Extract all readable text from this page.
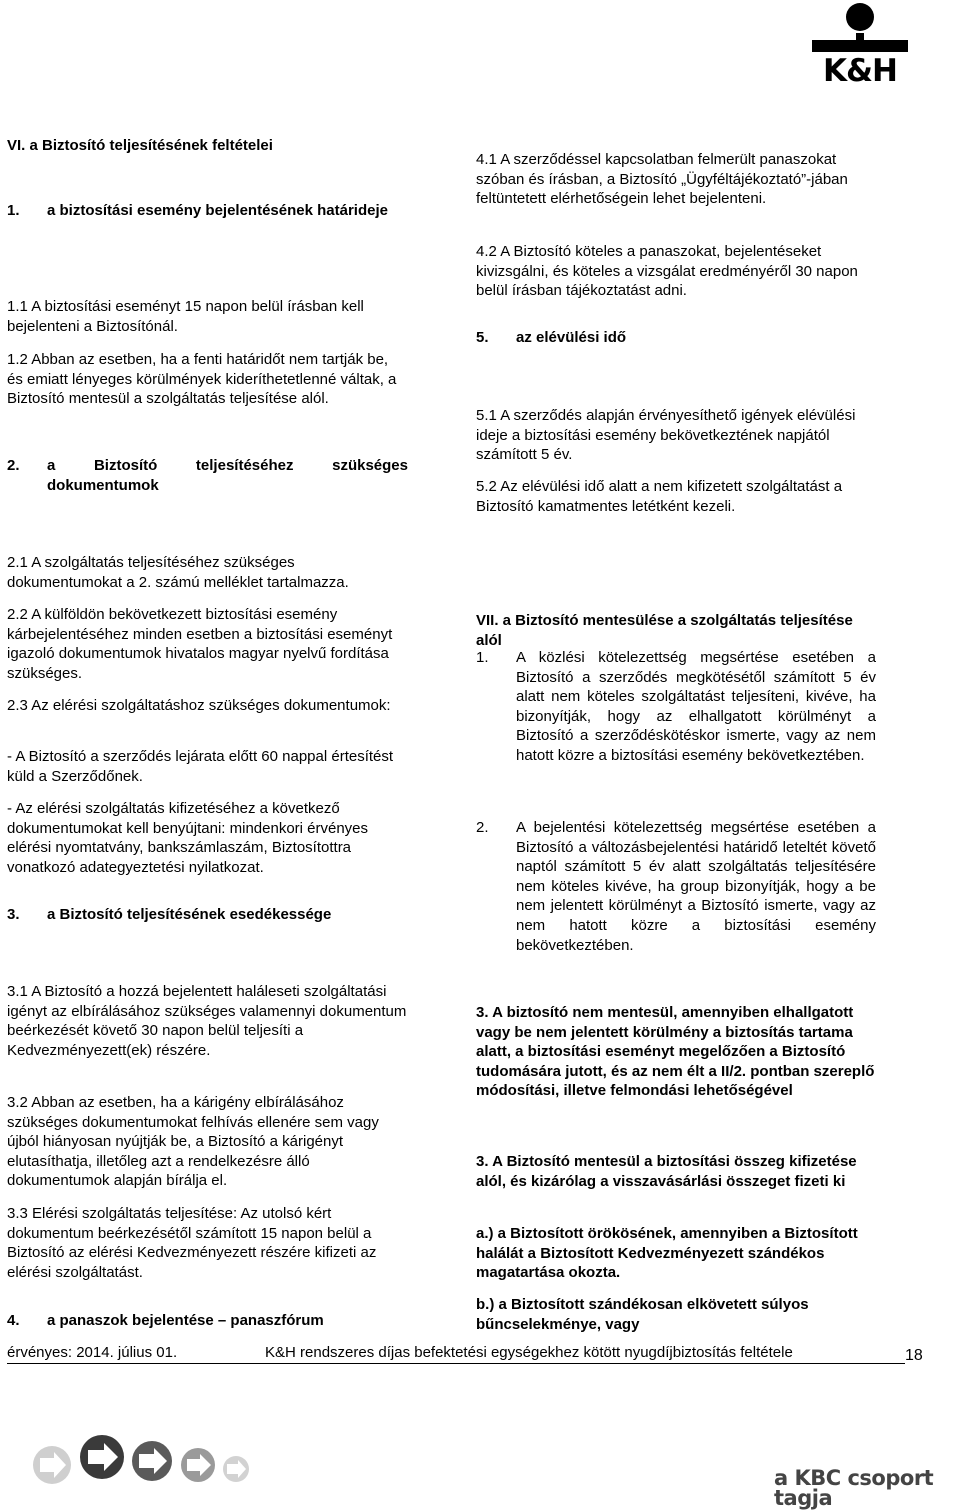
K&H
VI. a Biztosító teljesítésének feltételei
1.	a biztosítási esemény bejelentésének határideje

1.1 A biztosítási eseményt 15 napon belül írásban kell bejelenteni a Biztosítónál.

1.2 Abban az esetben, ha a fenti határidőt nem tartják be, és emiatt lényeges körülmények kideríthetetlenné váltak, a Biztosító mentesül a szolgáltatás teljesítése alól.

2.	a Biztosító teljesítéséhez szükséges dokumentumok

2.1 A szolgáltatás teljesítéséhez szükséges dokumentumokat a 2. számú melléklet tartalmazza.

2.2 A külföldön bekövetkezett biztosítási esemény kárbejelentéséhez minden esetben a biztosítási eseményt igazoló dokumentumok hivatalos magyar nyelvű fordítása szükséges.

2.3 Az elérési szolgáltatáshoz szükséges dokumentumok:

- A Biztosító a szerződés lejárata előtt 60 nappal értesítést küld a Szerződőnek.

- Az elérési szolgáltatás kifizetéséhez a következő dokumentumokat kell benyújtani: mindenkori érvényes elérési nyomtatvány, bankszámlaszám, Biztosítottra vonatkozó adategyeztetési nyilatkozat.

3.	a Biztosító teljesítésének esedékessége

3.1 A Biztosító a hozzá bejelentett haláleseti szolgáltatási igényt az elbírálásához szükséges valamennyi dokumentum beérkezését követő 30 napon belül teljesíti a Kedvezményezett(ek) részére.

3.2 Abban az esetben, ha a kárigény elbírálásához szükséges dokumentumokat felhívás ellenére sem vagy újból hiányosan nyújtják be, a Biztosító a kárigényt elutasíthatja, illetőleg azt a rendelkezésre álló dokumentumok alapján bírálja el.

3.3 Elérési szolgáltatás teljesítése: Az utolsó kért dokumentum beérkezésétől számított 15 napon belül a Biztosító az elérési Kedvezményezett részére kifizeti az elérési szolgáltatást.

4.	a panaszok bejelentése – panaszfórum

4.1 A szerződéssel kapcsolatban felmerült panaszokat szóban és írásban, a Biztosító „Ügyféltájékoztató”-jában feltüntetett elérhetőségein lehet bejelenteni.

4.2 A Biztosító köteles a panaszokat, bejelentéseket kivizsgálni, és köteles a vizsgálat eredményéről 30 napon belül írásban tájékoztatást adni.

5.	az elévülési idő

5.1 A szerződés alapján érvényesíthető igények elévülési ideje a biztosítási esemény bekövetkeztének napjától számított 5 év.

5.2 Az elévülési idő alatt a nem kifizetett szolgáltatást a Biztosító kamatmentes letétként kezeli.

VII. a Biztosító mentesülése a szolgáltatás teljesítése alól

1.	A közlési kötelezettség megsértése esetében a Biztosító a szerződés megkötésétől számított 5 év alatt nem köteles szolgáltatást teljesíteni, kivéve, ha bizonyítják, hogy az elhallgatott körülményt a Biztosító a szerződéskötéskor ismerte, vagy az nem hatott közre a biztosítási esemény bekövetkeztében.
2.	A bejelentési kötelezettség megsértése esetében a Biztosító a változásbejelentési határidő leteltét követő naptól számított 5 év alatt szolgáltatás teljesítésére nem köteles kivéve, ha group bizonyítják, hogy a be nem jelentett körülményt a Biztosító ismerte, vagy az nem hatott közre a biztosítási esemény bekövetkeztében.

3. A biztosító nem mentesül, amennyiben elhallgatott vagy be nem jelentett körülmény a biztosítás tartama alatt, a biztosítási eseményt megelőzően a Biztosító tudomására jutott, és az nem élt a II/2. pontban szereplő módosítási, illetve felmondási lehetőségével

3. A Biztosító mentesül a biztosítási összeg kifizetése alól, és kizárólag a visszavásárlási összeget fizeti ki

a.) a Biztosított örökösének, amennyiben a Biztosított halálát a Biztosított Kedvezményezett szándékos magatartása okozta.

b.) a Biztosított szándékosan elkövetett súlyos bűncselekménye, vagy

érvényes: 2014. július 01.	K&H rendszeres díjas befektetési egységekhez kötött nyugdíjbiztosítás feltétele	18
a KBC csoport tagja
